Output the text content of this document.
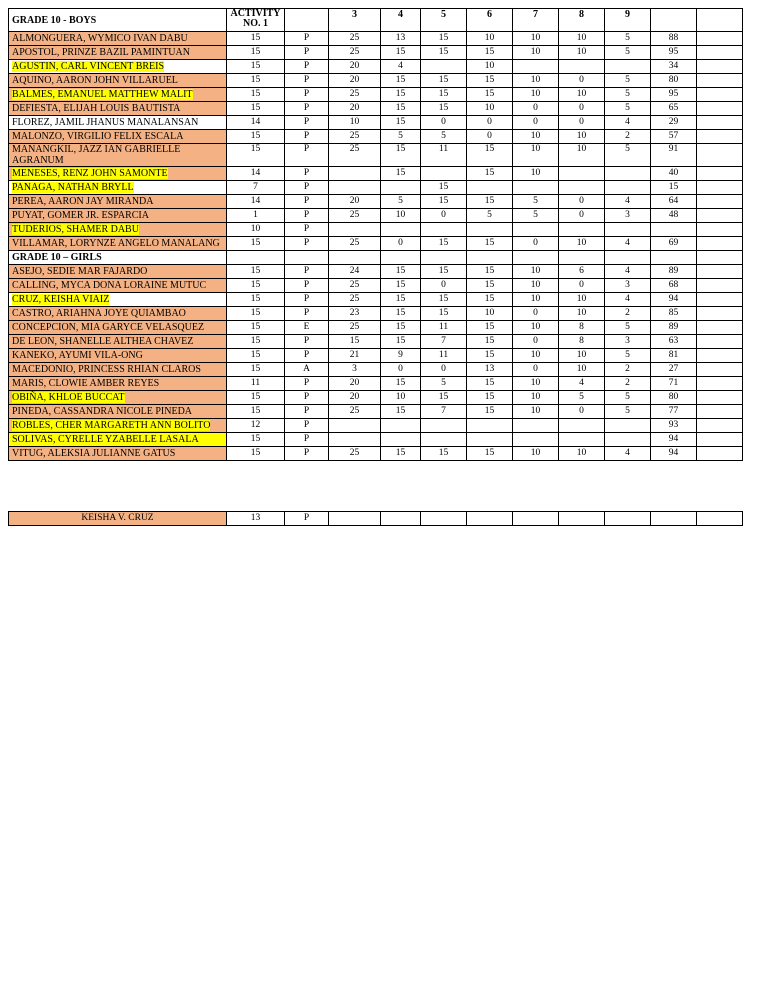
GRADE 10 - BOYS	ACTIVITY NO. 1		3	4	5	6	7	8	9		
ALMONGUERA, WYMICO IVAN DABU	15	P	25	13	15	10	10	10	5	88	
APOSTOL, PRINZE BAZIL PAMINTUAN	15	P	25	15	15	15	10	10	5	95	
AGUSTIN, CARL VINCENT BREIS	15	P	20	4		10				34	
AQUINO, AARON JOHN VILLARUEL	15	P	20	15	15	15	10	0	5	80	
BALMES, EMANUEL MATTHEW MALIT	15	P	25	15	15	15	10	10	5	95	
DEFIESTA, ELIJAH LOUIS BAUTISTA	15	P	20	15	15	10	0	0	5	65	
FLOREZ, JAMIL JHANUS MANALANSAN	14	P	10	15	0	0	0	0	4	29	
MALONZO, VIRGILIO FELIX ESCALA	15	P	25	5	5	0	10	10	2	57	
MANANGKIL, JAZZ IAN GABRIELLE AGRANUM	15	P	25	15	11	15	10	10	5	91	
MENESES, RENZ JOHN SAMONTE	14	P		15		15	10			40	
PANAGA, NATHAN BRYLL	7	P			15					15	
PEREA, AARON JAY MIRANDA	14	P	20	5	15	15	5	0	4	64	
PUYAT, GOMER JR. ESPARCIA	1	P	25	10	0	5	5	0	3	48	
TUDERIOS, SHAMER DABU	10	P									
VILLAMAR, LORYNZE ANGELO MANALANG	15	P	25	0	15	15	0	10	4	69	
GRADE 10 – GIRLS											
ASEJO, SEDIE MAR FAJARDO	15	P	24	15	15	15	10	6	4	89	
CALLING, MYCA DONA LORAINE MUTUC	15	P	25	15	0	15	10	0	3	68	
CRUZ, KEISHA VIAIZ	15	P	25	15	15	15	10	10	4	94	
CASTRO, ARIAHNA JOYE QUIAMBAO	15	P	23	15	15	10	0	10	2	85	
CONCEPCION, MIA GARYCE VELASQUEZ	15	E	25	15	11	15	10	8	5	89	
DE LEON, SHANELLE ALTHEA CHAVEZ	15	P	15	15	7	15	0	8	3	63	
KANEKO, AYUMI VILA-ONG	15	P	21	9	11	15	10	10	5	81	
MACEDONIO, PRINCESS RHIAN CLAROS	15	A	3	0	0	13	0	10	2	27	
MARIS, CLOWIE AMBER REYES	11	P	20	15	5	15	10	4	2	71	
OBIÑA, KHLOE BUCCAT	15	P	20	10	15	15	10	5	5	80	
PINEDA, CASSANDRA NICOLE PINEDA	15	P	25	15	7	15	10	0	5	77	
ROBLES, CHER MARGARETH ANN BOLITO	12	P								93	
SOLIVAS, CYRELLE YZABELLE LASALA	15	P								94	
VITUG, ALEKSIA JULIANNE GATUS	15	P	25	15	15	15	10	10	4	94	
KEISHA V. CRUZ	13	P									
